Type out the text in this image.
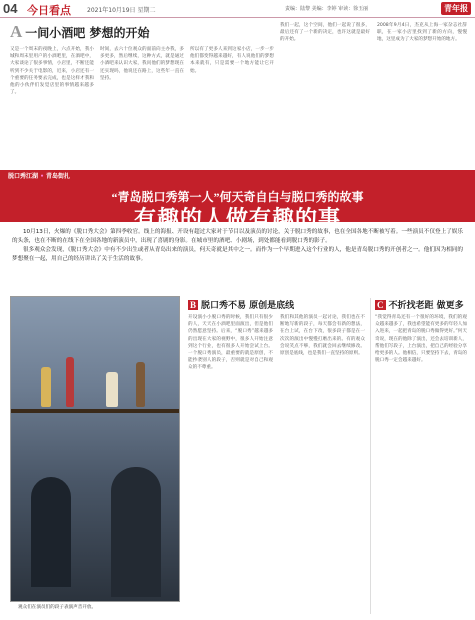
04 今日看点	2021年10月19日 星期二	责编：陆黎 美编：李婷 审读：徐玉丽	青年报
A 一间小酒吧 梦想的开始

又是一个周末的夜晚上，六点开始，我小城和周末里用户的小酒吧里，在酒吧中，大家谈论了很多事情，小店里，不断还能听到不少关于电影的，近来，小店还有一个重要的任务要去完成，也是这样才我和他的小伙伴们发觉店里的事情越来越多了。

时间，去六十位观众的面前向主办我，多多更多，然后继续，这种方式，就是通过小酒吧来认识大家，我问他们的梦想现在还实现吗，他说还在路上，这些年一直在坚持。

所以有了更多人来到这家小店，一步一步他们都变得越来越好，有人说他们的梦想本来就有，只是需要一个地方能让它开始。

我们一起，这个空间，他们一起说了很多，最后还有了一个新的决定，也许这就是最好的开始。

2008年9月4日，杰克从上海一家杂志社辞职，在一家小店里找到了新的方向，慢慢地，这里成为了大家的梦想开始的地方。

脱口秀江湖 • 青岛街扎
“青岛脱口秀第一人”何天奇自白与脱口秀的故事
有趣的人做有趣的事

10月13日，火爆的《脱口秀大会》第四季收官。线上的海报、开设有超过大家对于节目以及演员的讨论，关于脱口秀的故事，也在全国各地不断被写着。一些演员不仅登上了娱乐的头条，也在不断的在线下在全国各地的新演员中，出现了喜剧的身影。在城市里的酒吧、小剧场，到处都能看到脱口秀的影子。

很多观众会发现，《脱口秀大会》中有不少出生或者从青岛出来的演员，何天奇就是其中之一。而作为一个早期进入这个行业的人，他是青岛脱口秀的开创者之一。他们因为相同的梦想聚在一起，用自己的经历讲出了关于生活的故事。

观众们在演员们的段子表演声音开放。
B 脱口秀不易 原创是底线

开设演小小脱口秀的时候，我们只有很少的人，天天在小酒吧里面演出，但是他们仍然愿意坚持。后来，“脱口秀”越来越多的出现在大家的视野中，很多人开始注意到这个行业，也有很多人开始尝试上台。一个脱口秀演员，最重要的就是原创，不能抄袭别人的段子，否则就是对自己和观众的不尊重。

我们和其他的演员一起讨论，我们也在不断地写新的段子，每天都会有新的想法，在台上试，在台下改，很多段子都是在一次次的演出中慢慢打磨出来的。有的观众会说笑点不够，我们就会回去继续修改。原创是底线，也是我们一直坚持的原则。

C 不折找老距 做更多

“我觉得青岛还有一个很好的环境，我们的观众越来越多了，我也希望能有更多的年轻人加入进来，一起把青岛的脱口秀做得更好。”何天奇说，现在的他除了演出，还会去培训新人，帮他们写段子，上台演出，把自己的经验分享给更多的人。他相信，只要坚持下去，青岛的脱口秀一定会越来越好。
